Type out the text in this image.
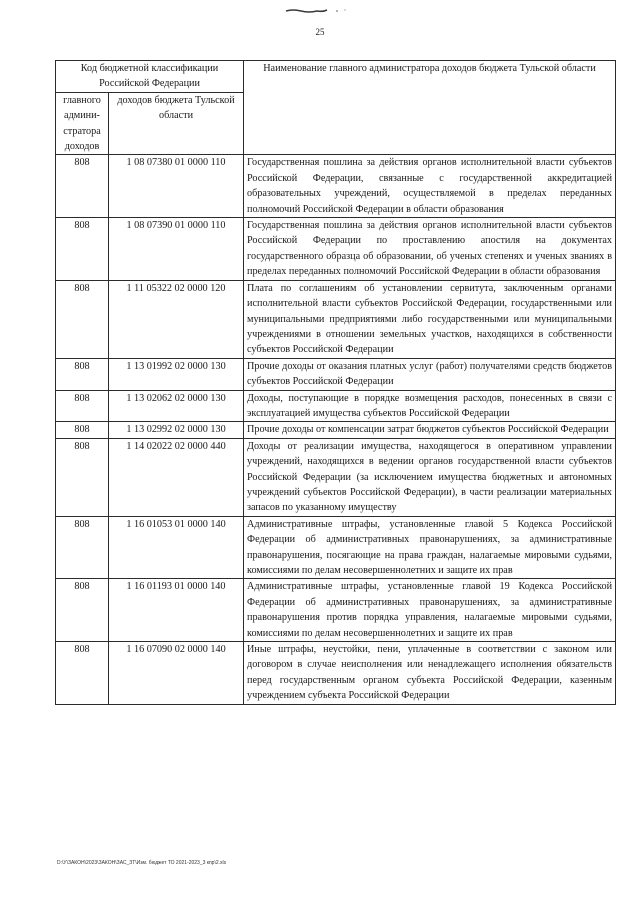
25
Код бюджетной классификации Российской Федерации		Наименование главного администратора доходов бюджета Тульской области
главного админи-стратора доходов	доходов бюджета Тульской области	
808	1 08 07380 01 0000 110	Государственная пошлина за действия органов исполнительной власти субъектов Российской Федерации, связанные с государственной аккредитацией образовательных учреждений, осуществляемой в пределах переданных полномочий Российской Федерации в области образования
808	1 08 07390 01 0000 110	Государственная пошлина за действия органов исполнительной власти субъектов Российской Федерации по проставлению апостиля на документах государственного образца об образовании, об ученых степенях и ученых званиях в пределах переданных полномочий Российской Федерации в области образования
808	1 11 05322 02 0000 120	Плата по соглашениям об установлении сервитута, заключенным органами исполнительной власти субъектов Российской Федерации, государственными или муниципальными предприятиями либо государственными или муниципальными учреждениями в отношении земельных участков, находящихся в собственности субъектов Российской Федерации
808	1 13 01992 02 0000 130	Прочие доходы от оказания платных услуг (работ) получателями средств бюджетов субъектов Российской Федерации
808	1 13 02062 02 0000 130	Доходы, поступающие в порядке возмещения расходов, понесенных в связи с эксплуатацией имущества субъектов Российской Федерации
808	1 13 02992 02 0000 130	Прочие доходы от компенсации затрат бюджетов субъектов Российской Федерации
808	1 14 02022 02 0000 440	Доходы от реализации имущества, находящегося в оперативном управлении учреждений, находящихся в ведении органов государственной власти субъектов Российской Федерации (за исключением имущества бюджетных и автономных учреждений субъектов Российской Федерации), в части реализации материальных запасов по указанному имуществу
808	1 16 01053 01 0000 140	Административные штрафы, установленные главой 5 Кодекса Российской Федерации об административных правонарушениях, за административные правонарушения, посягающие на права граждан, налагаемые мировыми судьями, комиссиями по делам несовершеннолетних и защите их прав
808	1 16 01193 01 0000 140	Административные штрафы, установленные главой 19 Кодекса Российской Федерации об административных правонарушениях, за административные правонарушения против порядка управления, налагаемые мировыми судьями, комиссиями по делам несовершеннолетних и защите их прав
808	1 16 07090 02 0000 140	Иные штрафы, неустойки, пени, уплаченные в соответствии с законом или договором в случае неисполнения или ненадлежащего исполнения обязательств перед государственным органом субъекта Российской Федерации, казенным учреждением субъекта Российской Федерации
D:\У\ЗАКОН\2023\ЗАКОН\ЗАС_ЗТ\Изм. бюджет ТО 2021-2023_3 кпр\2.xls
